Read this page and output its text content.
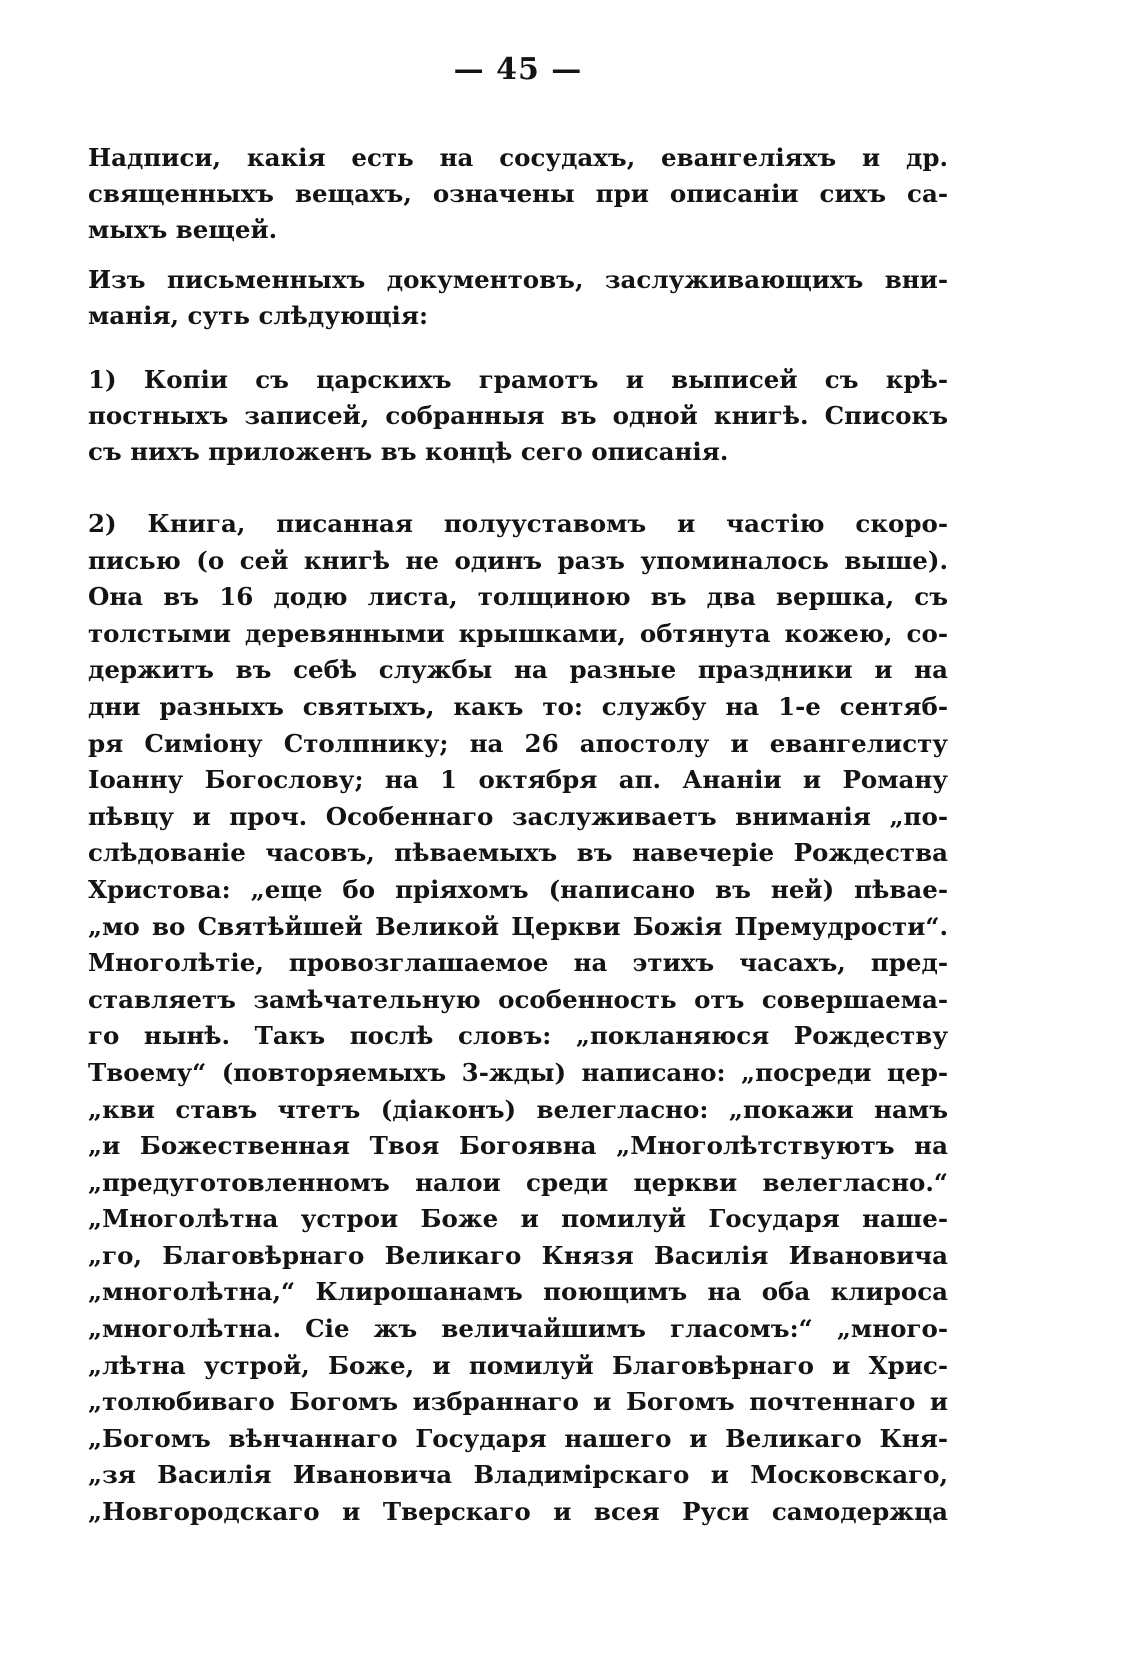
— 45 —
Надписи, какія есть на сосудахъ, евангеліяхъ и др.
священныхъ вещахъ, означены при описаніи сихъ са-
мыхъ вещей.
Изъ письменныхъ документовъ, заслуживающихъ вни-
манія, суть слѣдующія:
1) Копіи съ царскихъ грамотъ и выписей съ крѣ-
постныхъ записей, собранныя въ одной книгѣ. Списокъ
съ нихъ приложенъ въ концѣ сего описанія.
2) Книга, писанная полууставомъ и частію скоро-
писью (о сей книгѣ не одинъ разъ упоминалось выше).
Она въ 16 додю листа, толщиною въ два вершка, съ
толстыми деревянными крышками, обтянута кожею, со-
держитъ въ себѣ службы на разные праздники и на
дни разныхъ святыхъ, какъ то: службу на 1-е сентяб-
ря Симіону Столпнику; на 26 апостолу и евангелисту
Іоанну Богослову; на 1 октября ап. Ананіи и Роману
пѣвцу и проч. Особеннаго заслуживаетъ вниманія „по-
слѣдованіе часовъ, пѣваемыхъ въ навечеріе Рождества
Христова: „еще бо пріяхомъ (написано въ ней) пѣвае-
„мо во Святѣйшей Великой Церкви Божія Премудрости“.
Многолѣтіе, провозглашаемое на этихъ часахъ, пред-
ставляетъ замѣчательную особенность отъ совершаема-
го нынѣ. Такъ послѣ словъ: „покланяюся Рождеству
Твоему“ (повторяемыхъ 3-жды) написано: „посреди цер-
„кви ставъ чтетъ (діаконъ) велегласно: „покажи намъ
„и Божественная Твоя Богоявна „Многолѣтствуютъ на
„предуготовленномъ налои среди церкви велегласно.“
„Многолѣтна устрои Боже и помилуй Государя наше-
„го, Благовѣрнаго Великаго Князя Василія Ивановича
„многолѣтна,“ Клирошанамъ поющимъ на оба клироса
„многолѣтна. Сіе жъ величайшимъ гласомъ:“ „много-
„лѣтна устрой, Боже, и помилуй Благовѣрнаго и Хрис-
„толюбиваго Богомъ избраннаго и Богомъ почтеннаго и
„Богомъ вѣнчаннаго Государя нашего и Великаго Кня-
„зя Василія Ивановича Владимірскаго и Московскаго,
„Новгородскаго и Тверскаго и всея Руси самодержца
